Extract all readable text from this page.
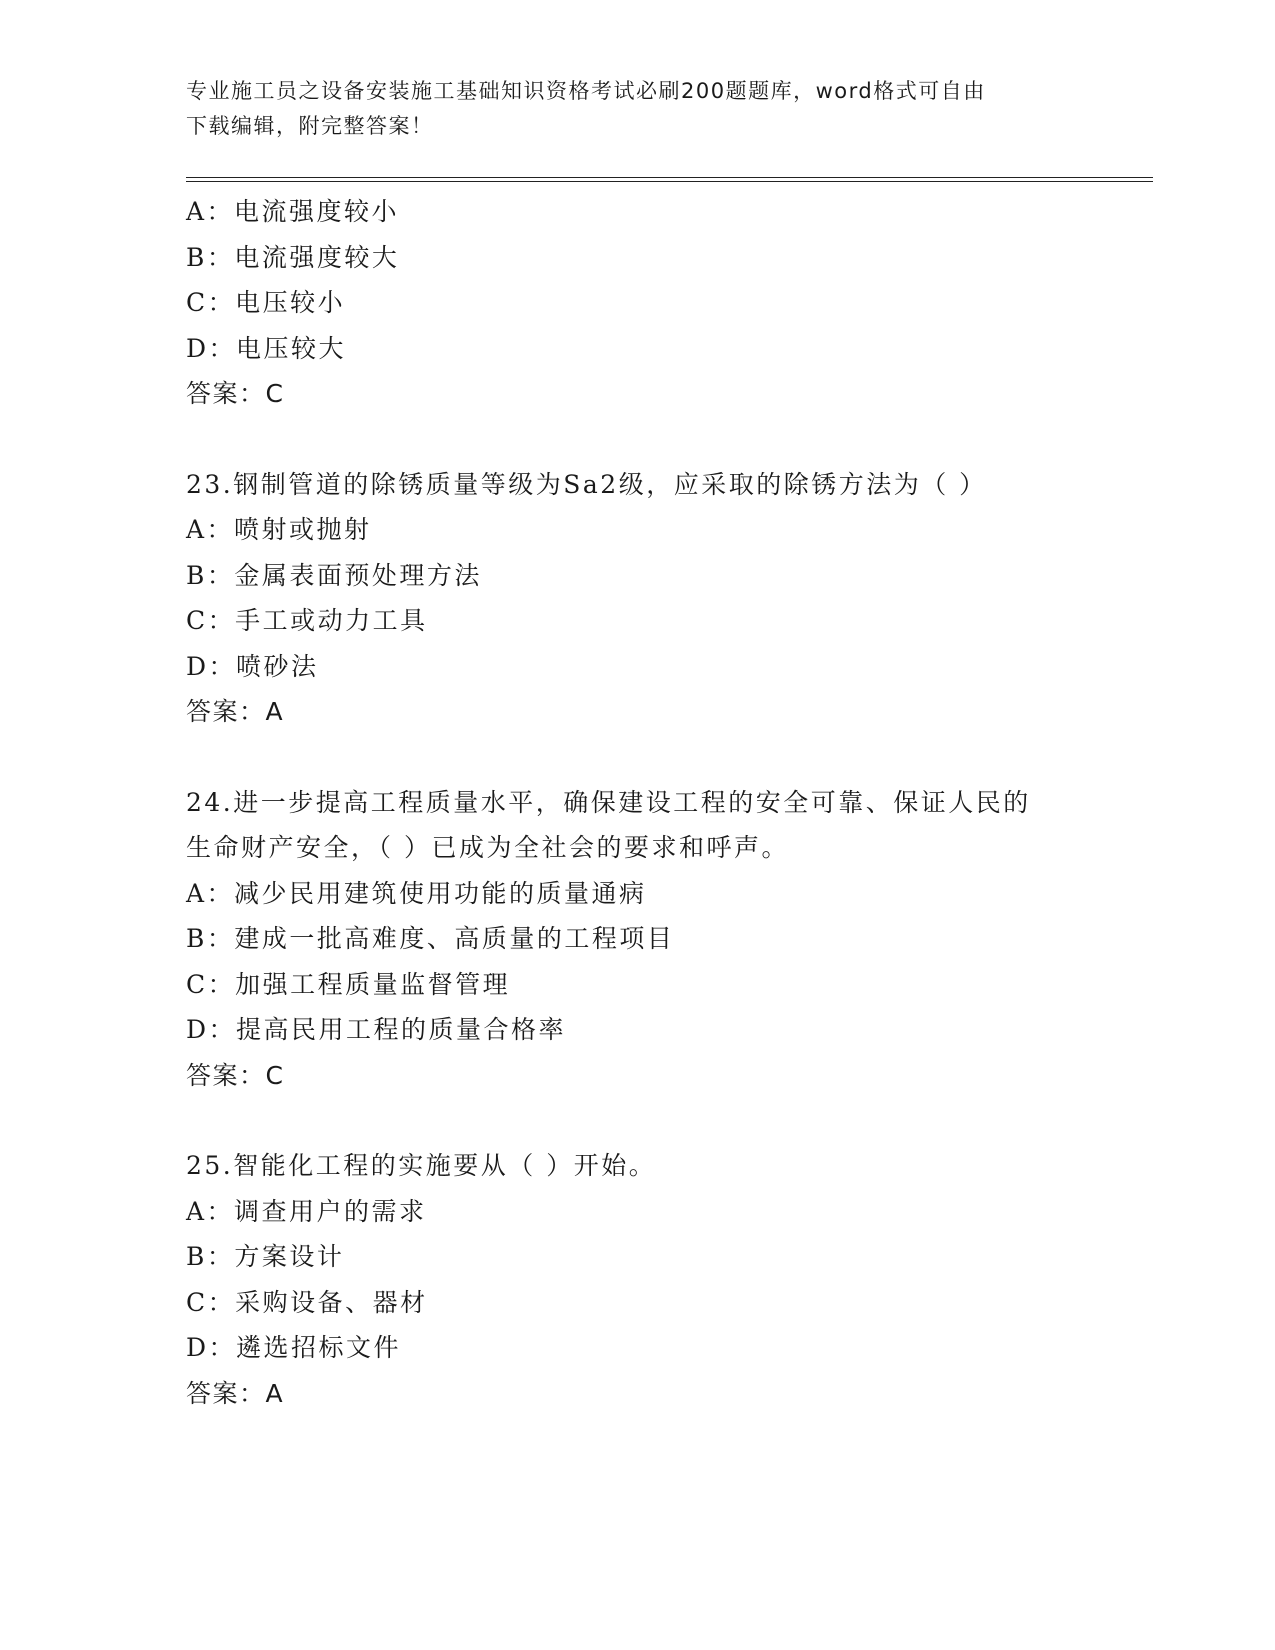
专业施工员之设备安装施工基础知识资格考试必刷200题题库，word格式可自由
下载编辑，附完整答案！
A：电流强度较小
B：电流强度较大
C：电压较小
D：电压较大
答案：C
23.钢制管道的除锈质量等级为Sa2级，应采取的除锈方法为（ ）
A：喷射或抛射
B：金属表面预处理方法
C：手工或动力工具
D：喷砂法
答案：A
24.进一步提高工程质量水平，确保建设工程的安全可靠、保证人民的
生命财产安全，（ ）已成为全社会的要求和呼声。
A：减少民用建筑使用功能的质量通病
B：建成一批高难度、高质量的工程项目
C：加强工程质量监督管理
D：提高民用工程的质量合格率
答案：C
25.智能化工程的实施要从（ ）开始。
A：调查用户的需求
B：方案设计
C：采购设备、器材
D：遴选招标文件
答案：A
